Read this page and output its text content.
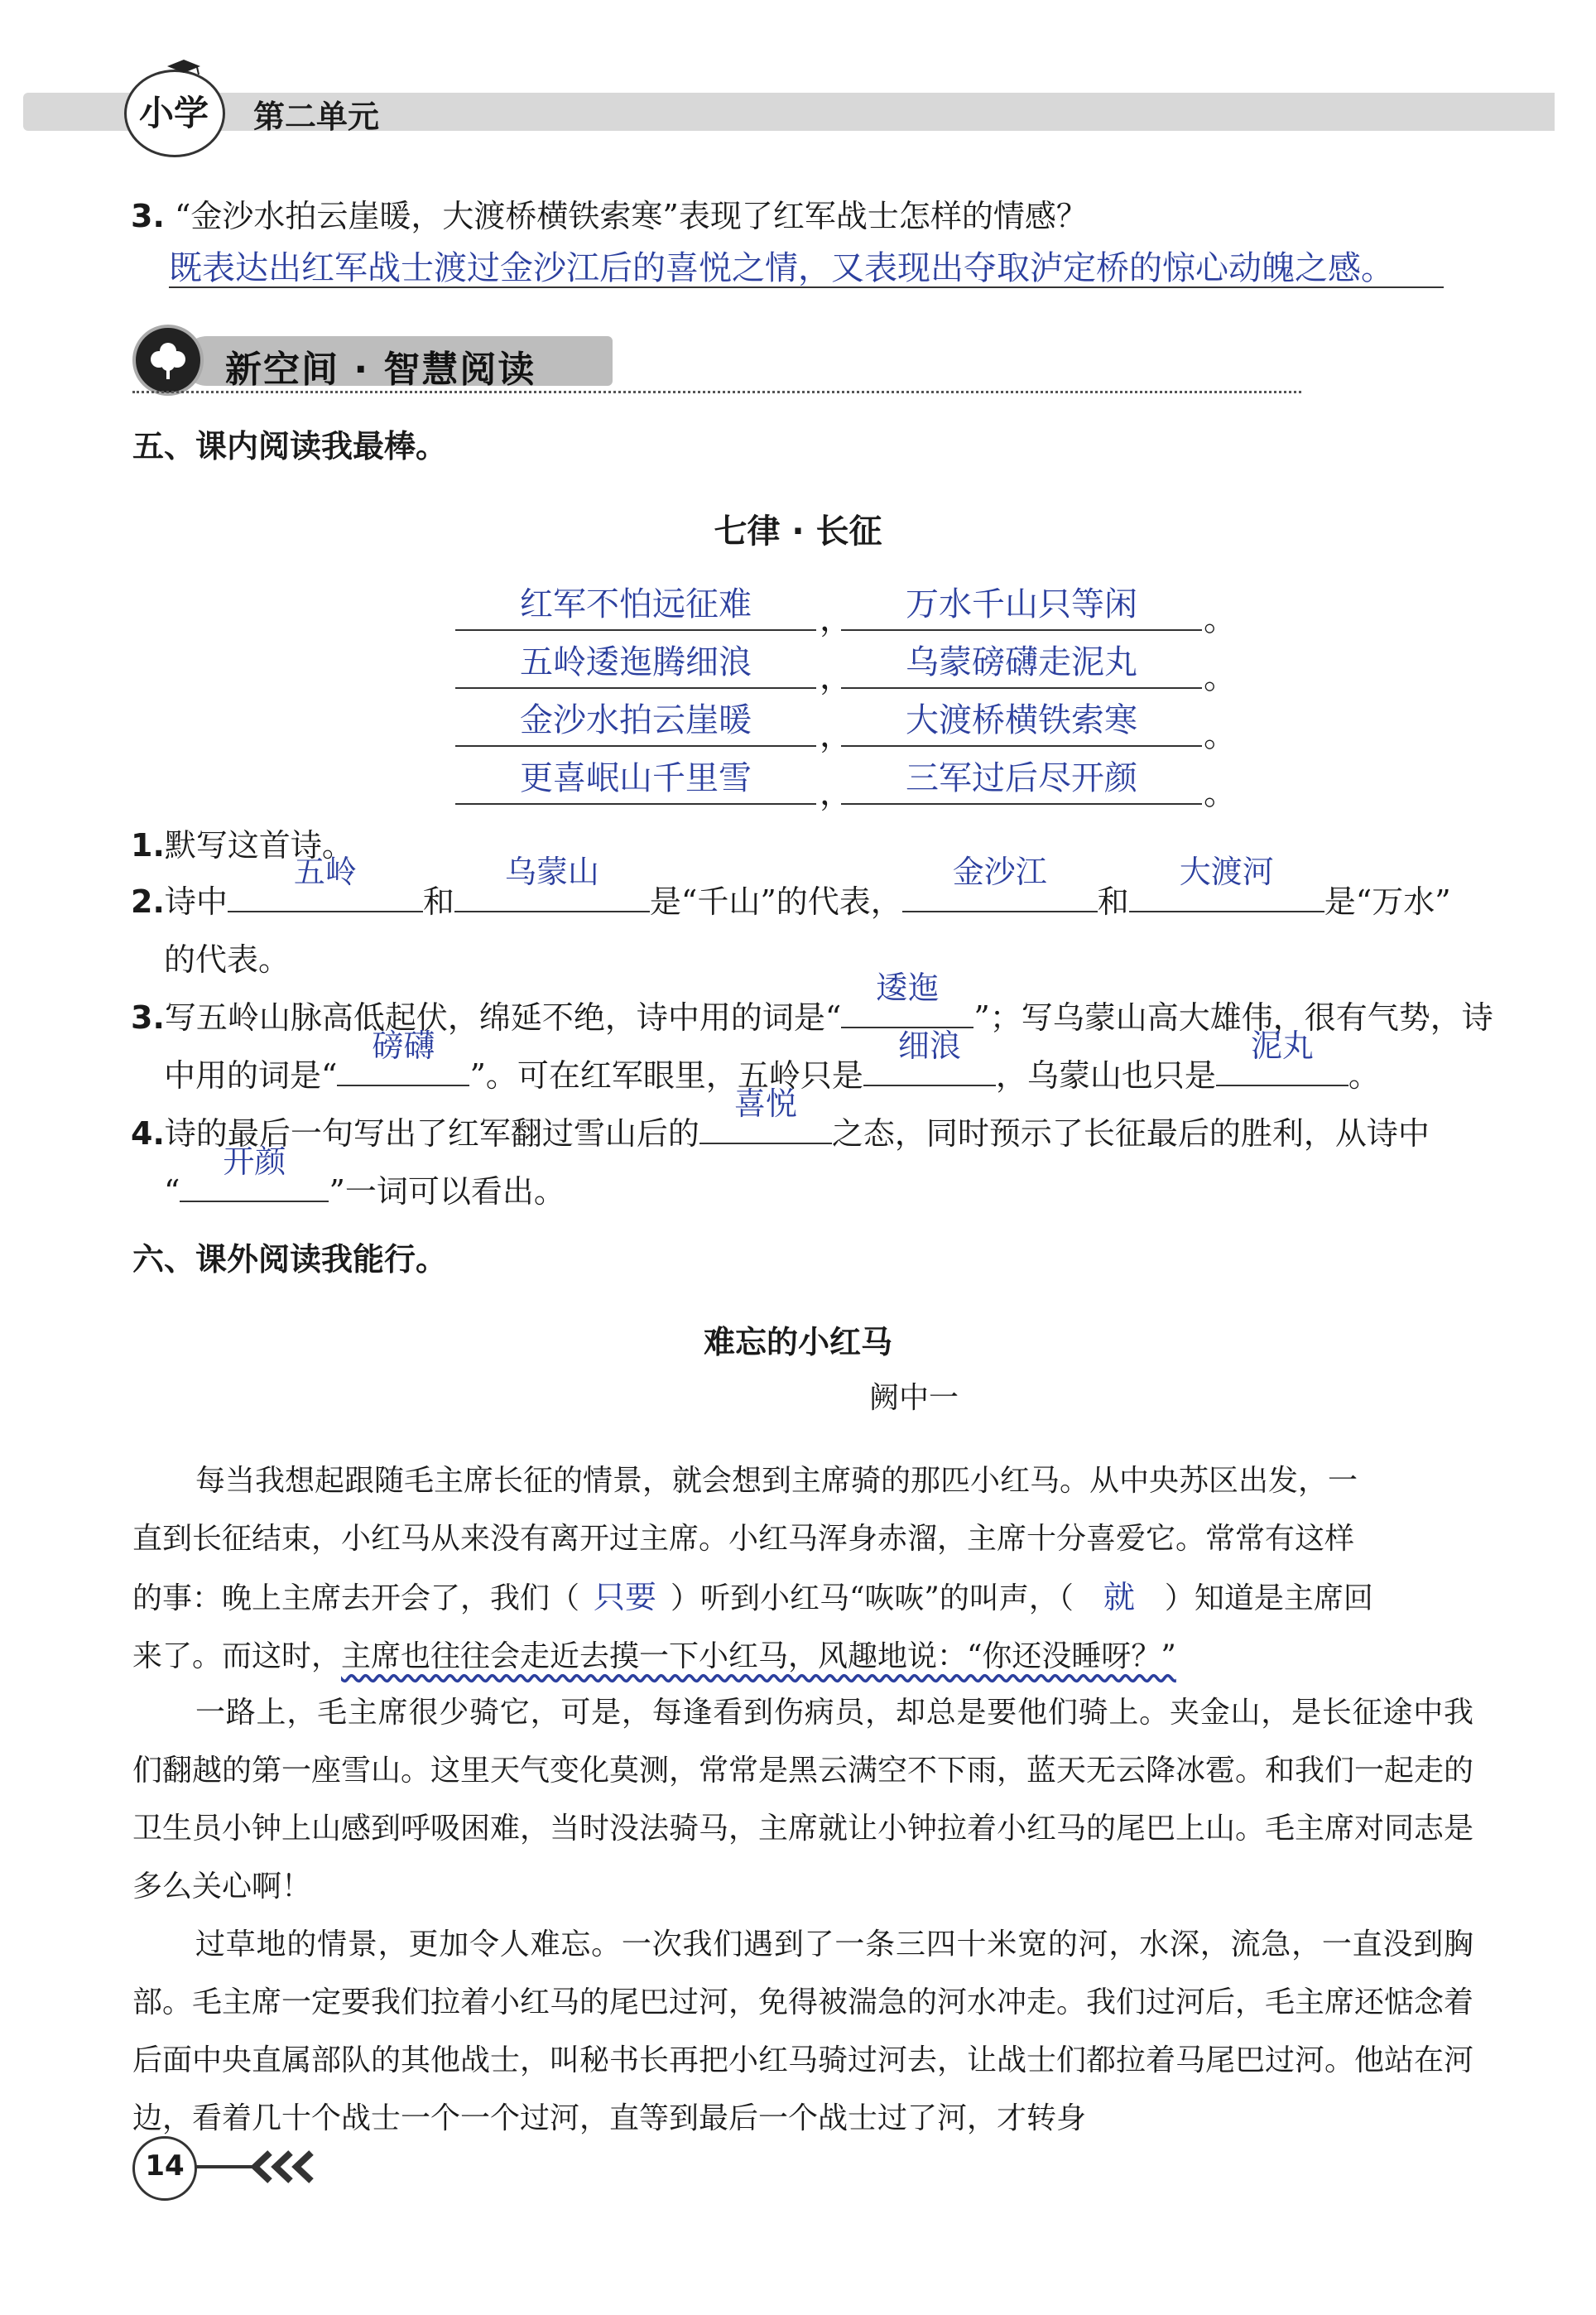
小学 第二单元
3. “金沙水拍云崖暖，大渡桥横铁索寒”表现了红军战士怎样的情感？
既表达出红军战士渡过金沙江后的喜悦之情，又表现出夺取泸定桥的惊心动魄之感。
新空间 · 智慧阅读
五、课内阅读我最棒。
七律 · 长征
红军不怕远征难	，	万水千山只等闲	。
五岭逶迤腾细浪	，	乌蒙磅礴走泥丸	。
金沙水拍云崖暖	，	大渡桥横铁索寒	。
更喜岷山千里雪	，	三军过后尽开颜	。
1.默写这首诗。
2.诗中
五岭
和
乌蒙山
是“千山”的代表，
金沙江
和
大渡河
是“万水”
的代表。
3.写五岭山脉高低起伏，绵延不绝，诗中用的词是“
逶迤
”；写乌蒙山高大雄伟，很有气势，诗
中用的词是“
磅礴
”。可在红军眼里，五岭只是
细浪
，乌蒙山也只是
泥丸
。
4.诗的最后一句写出了红军翻过雪山后的
喜悦
之态，同时预示了长征最后的胜利，从诗中
“
开颜
”一词可以看出。
六、课外阅读我能行。
难忘的小红马
阙中一
每当我想起跟随毛主席长征的情景，就会想到主席骑的那匹小红马。从中央苏区出发，一
直到长征结束，小红马从来没有离开过主席。小红马浑身赤溜，主席十分喜爱它。常常有这样
的事：晚上主席去开会了，我们（ 只要 ）听到小红马“咴咴”的叫声，（ 就 ）知道是主席回
来了。而这时，主席也往往会走近去摸一下小红马，风趣地说：“你还没睡呀？”
一路上，毛主席很少骑它，可是，每逢看到伤病员，却总是要他们骑上。夹金山，是长征途中我们翻越的第一座雪山。这里天气变化莫测，常常是黑云满空不下雨，蓝天无云降冰雹。和我们一起走的卫生员小钟上山感到呼吸困难，当时没法骑马，主席就让小钟拉着小红马的尾巴上山。毛主席对同志是多么关心啊！
过草地的情景，更加令人难忘。一次我们遇到了一条三四十米宽的河，水深，流急，一直没到胸部。毛主席一定要我们拉着小红马的尾巴过河，免得被湍急的河水冲走。我们过河后，毛主席还惦念着后面中央直属部队的其他战士，叫秘书长再把小红马骑过河去，让战士们都拉着马尾巴过河。他站在河边，看着几十个战士一个一个过河，直等到最后一个战士过了河，才转身
14
